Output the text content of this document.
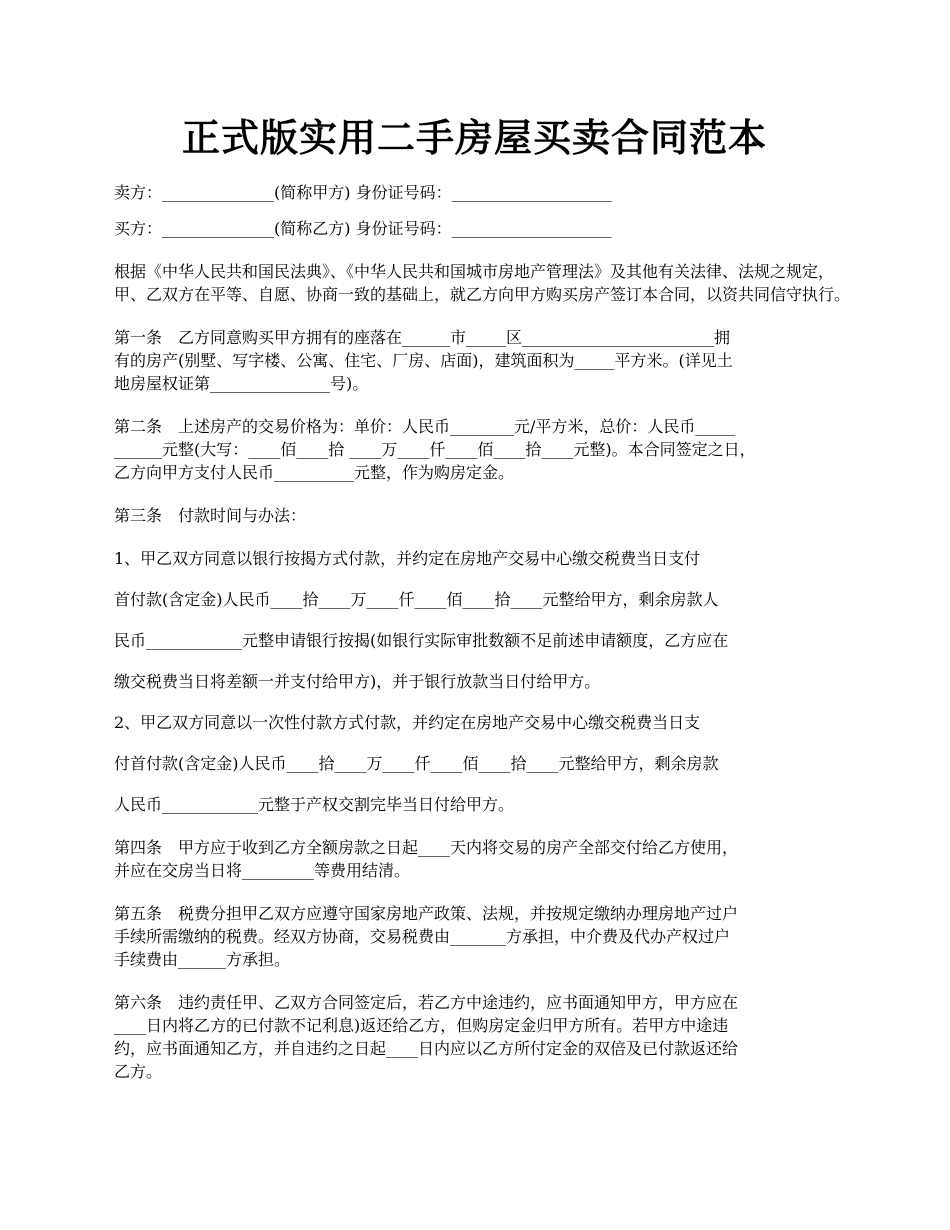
正式版实用二手房屋买卖合同范本

卖方：______________(简称甲方) 身份证号码：____________________

买方：______________(简称乙方) 身份证号码：____________________

根据《中华人民共和国民法典》、《中华人民共和国城市房地产管理法》及其他有关法律、法规之规定，甲、乙双方在平等、自愿、协商一致的基础上，就乙方向甲方购买房产签订本合同，以资共同信守执行。

第一条　乙方同意购买甲方拥有的座落在______市_____区________________________拥
有的房产(别墅、写字楼、公寓、住宅、厂房、店面)，建筑面积为_____平方米。(详见土
地房屋权证第_______________号)。
第二条　上述房产的交易价格为：单价：人民币________元/平方米，总价：人民币_____
______元整(大写：____佰____拾 ____万____仟____佰____拾____元整)。本合同签定之日，
乙方向甲方支付人民币__________元整，作为购房定金。
第三条　付款时间与办法：
1、甲乙双方同意以银行按揭方式付款，并约定在房地产交易中心缴交税费当日支付
首付款(含定金)人民币____拾____万____仟____佰____拾____元整给甲方，剩余房款人
民币____________元整申请银行按揭(如银行实际审批数额不足前述申请额度，乙方应在
缴交税费当日将差额一并支付给甲方)，并于银行放款当日付给甲方。
2、甲乙双方同意以一次性付款方式付款，并约定在房地产交易中心缴交税费当日支
付首付款(含定金)人民币____拾____万____仟____佰____拾____元整给甲方，剩余房款
人民币____________元整于产权交割完毕当日付给甲方。
第四条　甲方应于收到乙方全额房款之日起____天内将交易的房产全部交付给乙方使用，
并应在交房当日将_________等费用结清。
第五条　税费分担甲乙双方应遵守国家房地产政策、法规，并按规定缴纳办理房地产过户
手续所需缴纳的税费。经双方协商，交易税费由_______方承担，中介费及代办产权过户
手续费由______方承担。
第六条　违约责任甲、乙双方合同签定后，若乙方中途违约，应书面通知甲方，甲方应在
____日内将乙方的已付款不记利息)返还给乙方，但购房定金归甲方所有。若甲方中途违
约，应书面通知乙方，并自违约之日起____日内应以乙方所付定金的双倍及已付款返还给
乙方。
